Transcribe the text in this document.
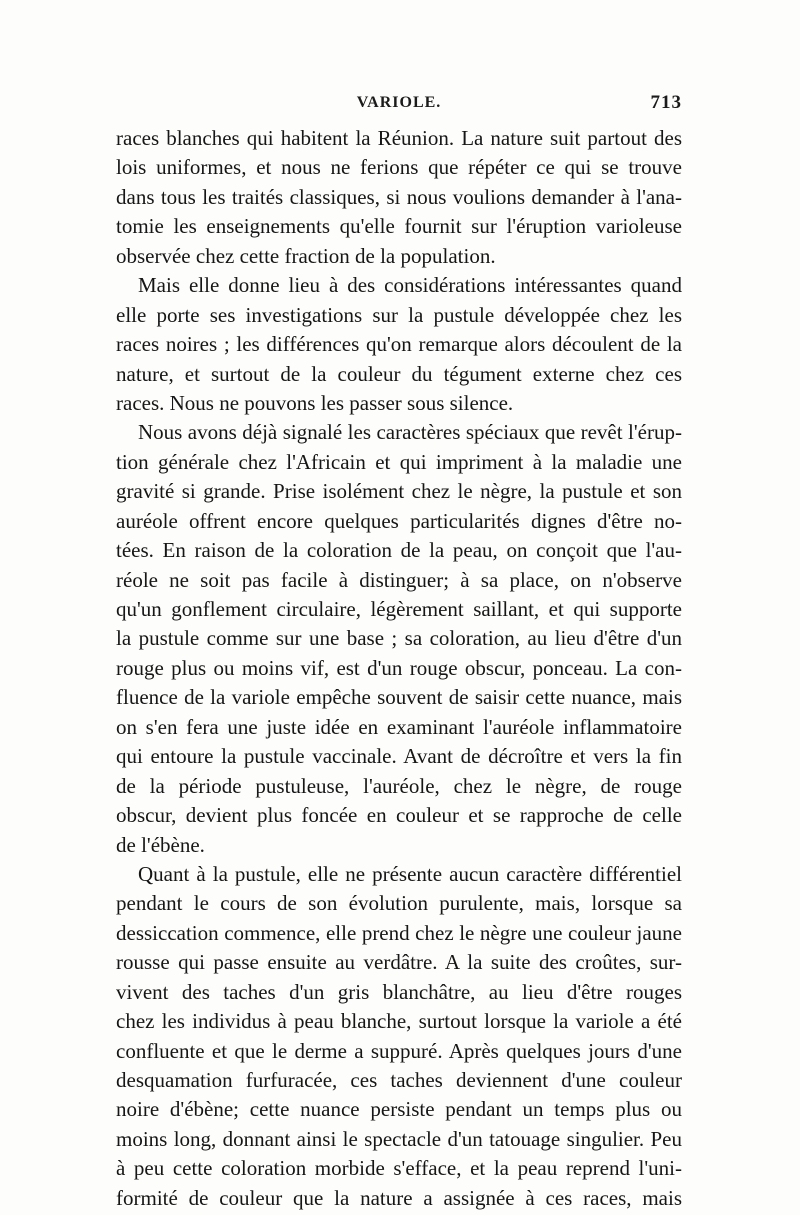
VARIOLE.	713
races blanches qui habitent la Réunion. La nature suit partout des
lois uniformes, et nous ne ferions que répéter ce qui se trouve
dans tous les traités classiques, si nous voulions demander à l'ana-
tomie les enseignements qu'elle fournit sur l'éruption varioleuse
observée chez cette fraction de la population.
Mais elle donne lieu à des considérations intéressantes quand
elle porte ses investigations sur la pustule développée chez les
races noires ; les différences qu'on remarque alors découlent de la
nature, et surtout de la couleur du tégument externe chez ces
races. Nous ne pouvons les passer sous silence.
Nous avons déjà signalé les caractères spéciaux que revêt l'érup-
tion générale chez l'Africain et qui impriment à la maladie une
gravité si grande. Prise isolément chez le nègre, la pustule et son
auréole offrent encore quelques particularités dignes d'être no-
tées. En raison de la coloration de la peau, on conçoit que l'au-
réole ne soit pas facile à distinguer; à sa place, on n'observe
qu'un gonflement circulaire, légèrement saillant, et qui supporte
la pustule comme sur une base ; sa coloration, au lieu d'être d'un
rouge plus ou moins vif, est d'un rouge obscur, ponceau. La con-
fluence de la variole empêche souvent de saisir cette nuance, mais
on s'en fera une juste idée en examinant l'auréole inflammatoire
qui entoure la pustule vaccinale. Avant de décroître et vers la fin
de la période pustuleuse, l'auréole, chez le nègre, de rouge
obscur, devient plus foncée en couleur et se rapproche de celle
de l'ébène.
Quant à la pustule, elle ne présente aucun caractère différentiel
pendant le cours de son évolution purulente, mais, lorsque sa
dessiccation commence, elle prend chez le nègre une couleur jaune
rousse qui passe ensuite au verdâtre. A la suite des croûtes, sur-
vivent des taches d'un gris blanchâtre, au lieu d'être rouges
chez les individus à peau blanche, surtout lorsque la variole a été
confluente et que le derme a suppuré. Après quelques jours d'une
desquamation furfuracée, ces taches deviennent d'une couleur
noire d'ébène; cette nuance persiste pendant un temps plus ou
moins long, donnant ainsi le spectacle d'un tatouage singulier. Peu
à peu cette coloration morbide s'efface, et la peau reprend l'uni-
formité de couleur que la nature a assignée à ces races, mais
